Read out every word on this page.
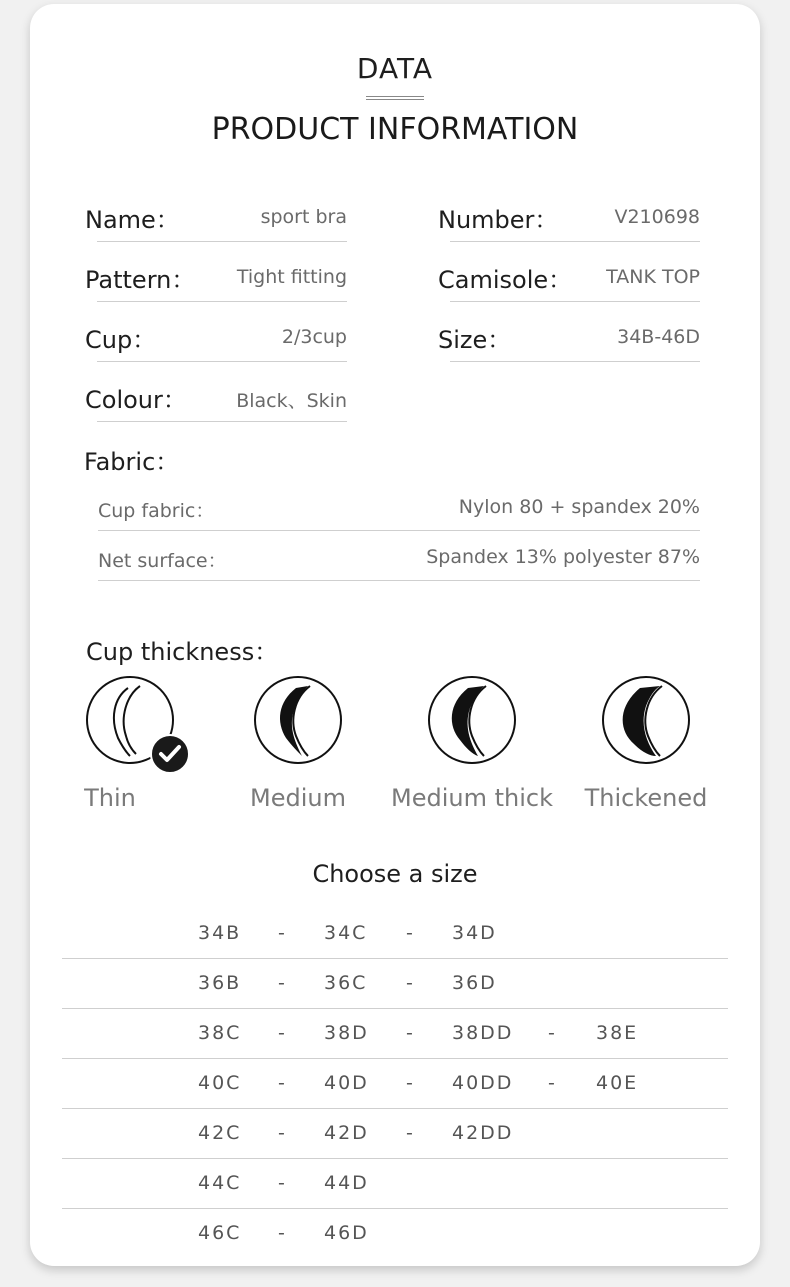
DATA
PRODUCT INFORMATION
Name：	sport bra
Pattern： Tight fitting
Cup：	2/3cup
Colour：	Black、Skin
Number：	V210698
Camisole： TANK TOP
Size：	34B-46D
Fabric：
Cup fabric：	Nylon 80 + spandex 20%
Net surface：	Spandex 13% polyester 87%
Cup thickness：
Thin	Medium	Medium thick	Thickened
Choose a size
34B - 34C - 34D
36B - 36C - 36D
38C - 38D - 38DD - 38E
40C - 40D - 40DD - 40E
42C - 42D - 42DD
44C - 44D
46C - 46D
